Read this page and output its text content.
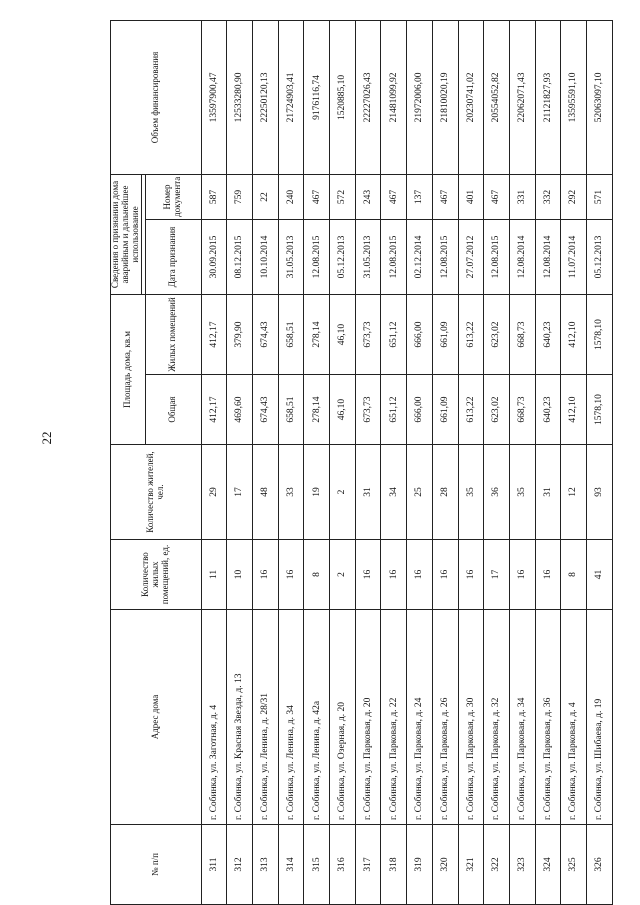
22
№ п/п	Адрес дома	Количество жилых помещений, ед.	Количество жителей, чел.	Площадь дома, кв.м		Сведения о признании дома аварийным и дальнейшее использование		Объем финансирования

				Общая	Жилых помещений	Дата признания	Номер документа	
311	г. Собинка, ул. Заготная, д. 4	11	29	412,17	412,17	30.09.2015	587	13597900,47
312	г. Собинка, ул. Красная Звезда, д. 13	10	17	469,60	379,90	08.12.2015	759	12533280,90
313	г. Собинка, ул. Ленина, д. 28/31	16	48	674,43	674,43	10.10.2014	22	22250120,13
314	г. Собинка, ул. Ленина, д. 34	16	33	658,51	658,51	31.05.2013	240	21724903,41
315	г. Собинка, ул. Ленина, д. 42а	8	19	278,14	278,14	12.08.2015	467	9176116,74
316	г. Собинка, ул. Озерная, д. 20	2	2	46,10	46,10	05.12.2013	572	1520885,10
317	г. Собинка, ул. Парковая, д. 20	16	31	673,73	673,73	31.05.2013	243	22227026,43
318	г. Собинка, ул. Парковая, д. 22	16	34	651,12	651,12	12.08.2015	467	21481099,92
319	г. Собинка, ул. Парковая, д. 24	16	25	666,00	666,00	02.12.2014	137	21972006,00
320	г. Собинка, ул. Парковая, д. 26	16	28	661,09	661,09	12.08.2015	467	21810020,19
321	г. Собинка, ул. Парковая, д. 30	16	35	613,22	613,22	27.07.2012	401	20230741,02
322	г. Собинка, ул. Парковая, д. 32	17	36	623,02	623,02	12.08.2015	467	20554052,82
323	г. Собинка, ул. Парковая, д. 34	16	35	668,73	668,73	12.08.2014	331	22062071,43
324	г. Собинка, ул. Парковая, д. 36	16	31	640,23	640,23	12.08.2014	332	21121827,93
325	г. Собинка, ул. Парковая, д. 4	8	12	412,10	412,10	11.07.2014	292	13595591,10
326	г. Собинка, ул. Шибаева, д. 19	41	93	1578,10	1578,10	05.12.2013	571	52063097,10
